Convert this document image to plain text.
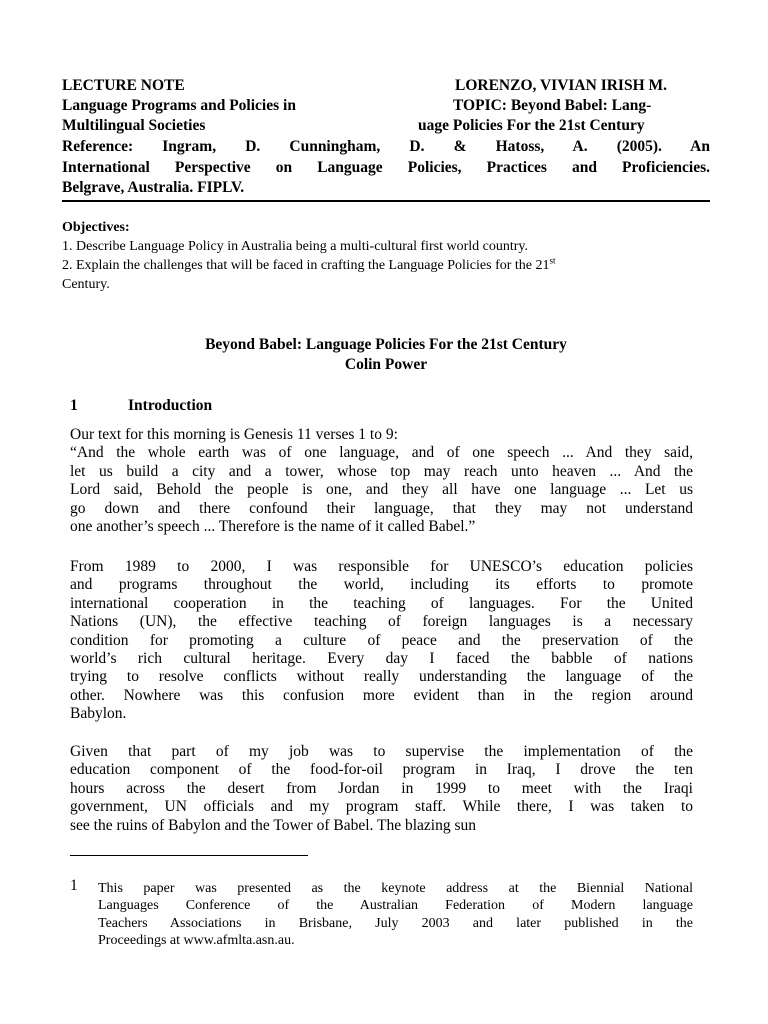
LECTURE NOTE	LORENZO, VIVIAN IRISH M.
Language Programs and Policies in	TOPIC: Beyond Babel: Lang-
Multilingual Societies	uage Policies For the 21st Century
Reference: Ingram, D. Cunningham, D. & Hatoss, A. (2005). An
International Perspective on Language Policies, Practices and Proficiencies.
Belgrave, Australia. FIPLV.
Objectives:
1. Describe Language Policy in Australia being a multi-cultural first world country.
2. Explain the challenges that will be faced in crafting the Language Policies for the 21st
Century.
Beyond Babel: Language Policies For the 21st Century
Colin Power
1	Introduction
Our text for this morning is Genesis 11 verses 1 to 9:
“And the whole earth was of one language, and of one speech ... And they said,
let us build a city and a tower, whose top may reach unto heaven ... And the
Lord said, Behold the people is one, and they all have one language ... Let us
go down and there confound their language, that they may not understand
one another’s speech ... Therefore is the name of it called Babel.”
From 1989 to 2000, I was responsible for UNESCO’s education policies
and programs throughout the world, including its efforts to promote
international cooperation in the teaching of languages. For the United
Nations (UN), the effective teaching of foreign languages is a necessary
condition for promoting a culture of peace and the preservation of the
world’s rich cultural heritage. Every day I faced the babble of nations
trying to resolve conflicts without really understanding the language of the
other. Nowhere was this confusion more evident than in the region around
Babylon.
Given that part of my job was to supervise the implementation of the
education component of the food-for-oil program in Iraq, I drove the ten
hours across the desert from Jordan in 1999 to meet with the Iraqi
government, UN officials and my program staff. While there, I was taken to
see the ruins of Babylon and the Tower of Babel. The blazing sun
1 This paper was presented as the keynote address at the Biennial National
Languages Conference of the Australian Federation of Modern language
Teachers Associations in Brisbane, July 2003 and later published in the
Proceedings at www.afmlta.asn.au.
